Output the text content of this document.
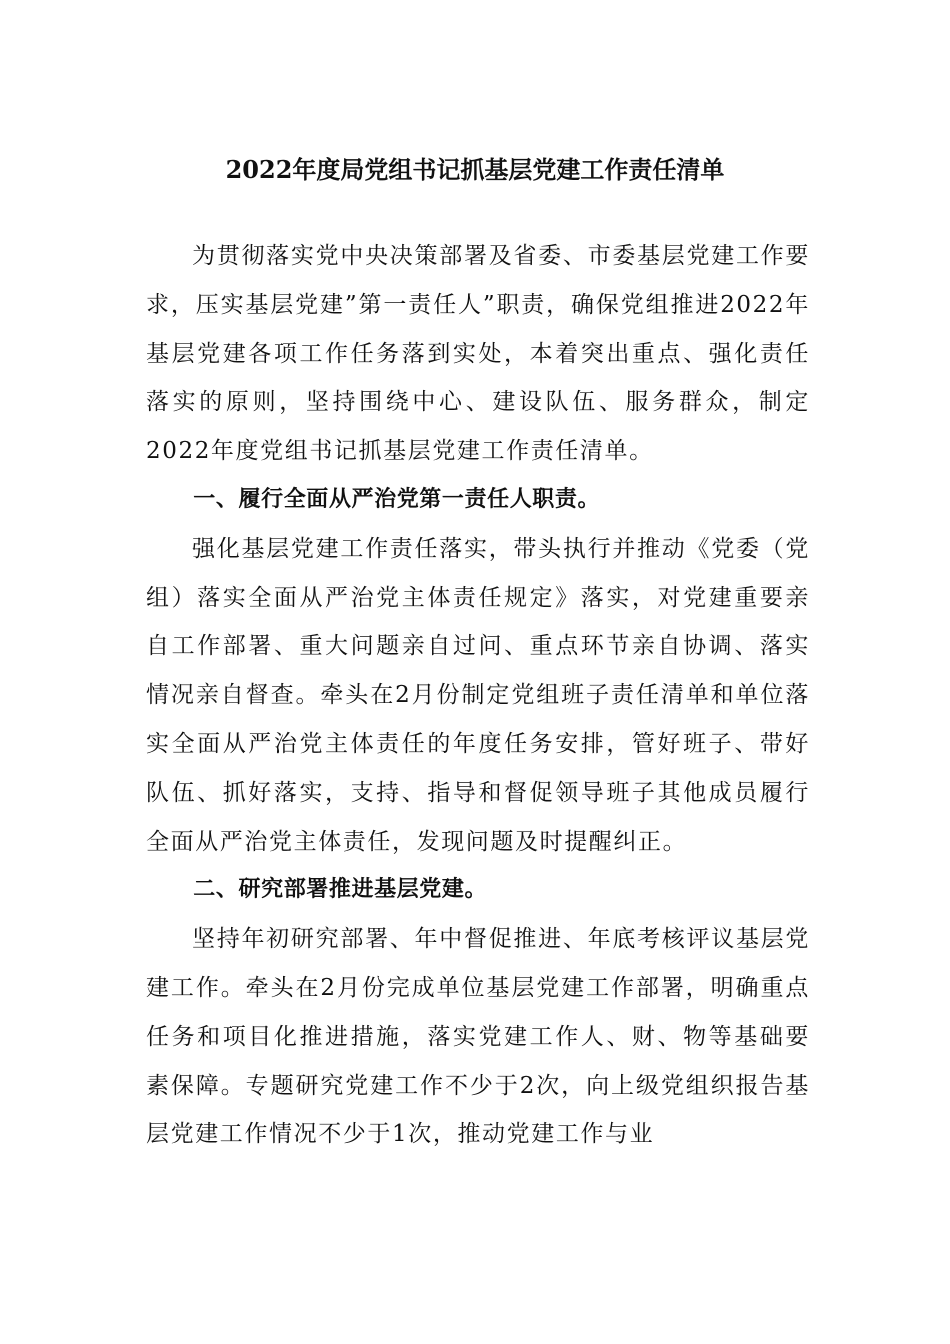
2022年度局党组书记抓基层党建工作责任清单

为贯彻落实党中央决策部署及省委、市委基层党建工作要求，压实基层党建”第一责任人”职责，确保党组推进2022年基层党建各项工作任务落到实处，本着突出重点、强化责任落实的原则，坚持围绕中心、建设队伍、服务群众，制定2022年度党组书记抓基层党建工作责任清单。

一、履行全面从严治党第一责任人职责。

强化基层党建工作责任落实，带头执行并推动《党委（党组）落实全面从严治党主体责任规定》落实，对党建重要亲自工作部署、重大问题亲自过问、重点环节亲自协调、落实情况亲自督查。牵头在2月份制定党组班子责任清单和单位落实全面从严治党主体责任的年度任务安排，管好班子、带好队伍、抓好落实，支持、指导和督促领导班子其他成员履行全面从严治党主体责任，发现问题及时提醒纠正。

二、研究部署推进基层党建。

坚持年初研究部署、年中督促推进、年底考核评议基层党建工作。牵头在2月份完成单位基层党建工作部署，明确重点任务和项目化推进措施，落实党建工作人、财、物等基础要素保障。专题研究党建工作不少于2次，向上级党组织报告基层党建工作情况不少于1次，推动党建工作与业
